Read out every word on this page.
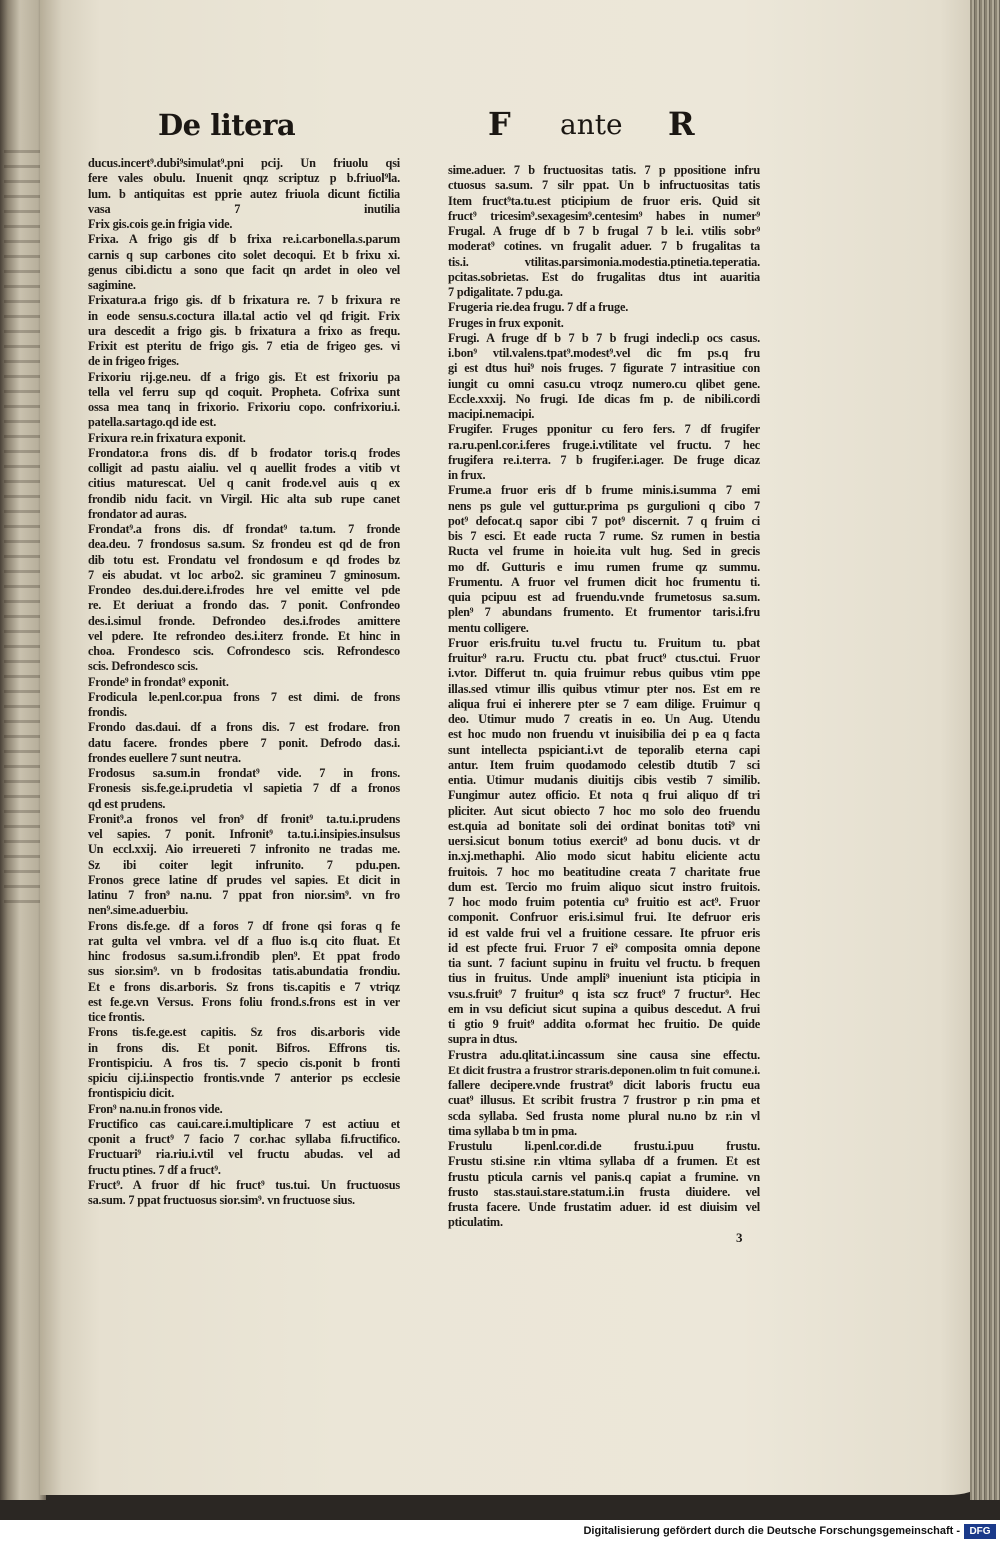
De litera	F ante R
ducus.incert⁹.dubi⁹simulat⁹.pni pcij. Un friuolu qsi
fere vales obulu. Inuenit qnqz scriptuz p b.friuol⁹la.
lum. b antiquitas est pprie autez friuola dicunt fictilia
vasa 7 inutilia
Frix gis.cois ge.in frigia vide.
Frixa. A frigo gis df b frixa re.i.carbonella.s.parum
carnis q sup carbones cito solet decoqui. Et b frixu xi.
genus cibi.dictu a sono que facit qn ardet in oleo vel
sagimine.
Frixatura.a frigo gis. df b frixatura re. 7 b frixura re
in eode sensu.s.coctura illa.tal actio vel qd frigit. Frix
ura descedit a frigo gis. b frixatura a frixo as frequ.
Frixit est pteritu de frigo gis. 7 etia de frigeo ges. vi
de in frigeo friges.
Frixoriu rij.ge.neu. df a frigo gis. Et est frixoriu pa
tella vel ferru sup qd coquit. Propheta. Cofrixa sunt
ossa mea tanq in frixorio. Frixoriu copo. confrixoriu.i.
patella.sartago.qd ide est.
Frixura re.in frixatura exponit.
Frondator.a frons dis. df b frodator toris.q frodes
colligit ad pastu aialiu. vel q auellit frodes a vitib vt
citius maturescat. Uel q canit frode.vel auis q ex
frondib nidu facit. vn Virgil. Hic alta sub rupe canet
frondator ad auras.
Frondat⁹.a frons dis. df frondat⁹ ta.tum. 7 fronde
dea.deu. 7 frondosus sa.sum. Sz frondeu est qd de fron
dib totu est. Frondatu vel frondosum e qd frodes bz
7 eis abudat. vt loc arbo2. sic gramineu 7 gminosum.
Frondeo des.dui.dere.i.frodes hre vel emitte vel pde
re. Et deriuat a frondo das. 7 ponit. Confrondeo
des.i.simul fronde. Defrondeo des.i.frodes amittere
vel pdere. Ite refrondeo des.i.iterz fronde. Et hinc in
choa. Frondesco scis. Cofrondesco scis. Refrondesco
scis. Defrondesco scis.
Fronde⁹ in frondat⁹ exponit.
Frodicula le.penl.cor.pua frons 7 est dimi. de frons
frondis.
Frondo das.daui. df a frons dis. 7 est frodare. fron
datu facere. frondes pbere 7 ponit. Defrodo das.i.
frondes euellere 7 sunt neutra.
Frodosus sa.sum.in frondat⁹ vide. 7 in frons.
Fronesis sis.fe.ge.i.prudetia vl sapietia 7 df a fronos
qd est prudens.
Fronit⁹.a fronos vel fron⁹ df fronit⁹ ta.tu.i.prudens
vel sapies. 7 ponit. Infronit⁹ ta.tu.i.insipies.insulsus
Un eccl.xxij. Aio irreuereti 7 infronito ne tradas me.
Sz ibi coiter legit infrunito. 7 pdu.pen.
Fronos grece latine df prudes vel sapies. Et dicit in
latinu 7 fron⁹ na.nu. 7 ppat fron nior.sim⁹. vn fro
nen⁹.sime.aduerbiu.
Frons dis.fe.ge. df a foros 7 df frone qsi foras q fe
rat gulta vel vmbra. vel df a fluo is.q cito fluat. Et
hinc frodosus sa.sum.i.frondib plen⁹. Et ppat frodo
sus sior.sim⁹. vn b frodositas tatis.abundatia frondiu.
Et e frons dis.arboris. Sz frons tis.capitis e 7 vtriqz
est fe.ge.vn Versus. Frons foliu frond.s.frons est in ver
tice frontis.
Frons tis.fe.ge.est capitis. Sz fros dis.arboris vide
in frons dis. Et ponit. Bifros. Effrons tis.
Frontispiciu. A fros tis. 7 specio cis.ponit b fronti
spiciu cij.i.inspectio frontis.vnde 7 anterior ps ecclesie
frontispiciu dicit.
Fron⁹ na.nu.in fronos vide.
Fructifico cas caui.care.i.multiplicare 7 est actiuu et
cponit a fruct⁹ 7 facio 7 cor.hac syllaba fi.fructifico.
Fructuari⁹ ria.riu.i.vtil vel fructu abudas. vel ad
fructu ptines. 7 df a fruct⁹.
Fruct⁹. A fruor df hic fruct⁹ tus.tui. Un fructuosus
sa.sum. 7 ppat fructuosus sior.sim⁹. vn fructuose sius.
sime.aduer. 7 b fructuositas tatis. 7 p ppositione infru
ctuosus sa.sum. 7 silr ppat. Un b infructuositas tatis
Item fruct⁹ta.tu.est pticipium de fruor eris. Quid sit
fruct⁹ tricesim⁹.sexagesim⁹.centesim⁹ habes in numer⁹
Frugal. A fruge df b 7 b frugal 7 b le.i. vtilis sobr⁹
moderat⁹ cotines. vn frugalit aduer. 7 b frugalitas ta
tis.i. vtilitas.parsimonia.modestia.ptinetia.teperatia.
pcitas.sobrietas. Est do frugalitas dtus int auaritia
7 pdigalitate. 7 pdu.ga.
Frugeria rie.dea frugu. 7 df a fruge.
Fruges in frux exponit.
Frugi. A fruge df b 7 b 7 b frugi indecli.p ocs casus.
i.bon⁹ vtil.valens.tpat⁹.modest⁹.vel dic fm ps.q fru
gi est dtus hui⁹ nois fruges. 7 figurate 7 intrasitiue con
iungit cu omni casu.cu vtroqz numero.cu qlibet gene.
Eccle.xxxij. No frugi. Ide dicas fm p. de nibili.cordi
macipi.nemacipi.
Frugifer. Fruges pponitur cu fero fers. 7 df frugifer
ra.ru.penl.cor.i.feres fruge.i.vtilitate vel fructu. 7 hec
frugifera re.i.terra. 7 b frugifer.i.ager. De fruge dicaz
in frux.
Frume.a fruor eris df b frume minis.i.summa 7 emi
nens ps gule vel guttur.prima ps gurgulioni q cibo 7
pot⁹ defocat.q sapor cibi 7 pot⁹ discernit. 7 q fruim ci
bis 7 esci. Et eade ructa 7 rume. Sz rumen in bestia
Ructa vel frume in hoie.ita vult hug. Sed in grecis
mo df. Gutturis e imu rumen frume qz summu.
Frumentu. A fruor vel frumen dicit hoc frumentu ti.
quia pcipuu est ad fruendu.vnde frumetosus sa.sum.
plen⁹ 7 abundans frumento. Et frumentor taris.i.fru
mentu colligere.
Fruor eris.fruitu tu.vel fructu tu. Fruitum tu. pbat
fruitur⁹ ra.ru. Fructu ctu. pbat fruct⁹ ctus.ctui. Fruor
i.vtor. Differut tn. quia fruimur rebus quibus vtim ppe
illas.sed vtimur illis quibus vtimur pter nos. Est em re
aliqua frui ei inherere pter se 7 eam dilige. Fruimur q
deo. Utimur mudo 7 creatis in eo. Un Aug. Utendu
est hoc mudo non fruendu vt inuisibilia dei p ea q facta
sunt intellecta pspiciant.i.vt de teporalib eterna capi
antur. Item fruim quodamodo celestib dtutib 7 sci
entia. Utimur mudanis diuitijs cibis vestib 7 similib.
Fungimur autez officio. Et nota q frui aliquo df tri
pliciter. Aut sicut obiecto 7 hoc mo solo deo fruendu
est.quia ad bonitate soli dei ordinat bonitas toti⁹ vni
uersi.sicut bonum totius exercit⁹ ad bonu ducis. vt dr
in.xj.methaphi. Alio modo sicut habitu eliciente actu
fruitois. 7 hoc mo beatitudine creata 7 charitate frue
dum est. Tercio mo fruim aliquo sicut instro fruitois.
7 hoc modo fruim potentia cu⁹ fruitio est act⁹. Fruor
componit. Confruor eris.i.simul frui. Ite defruor eris
id est valde frui vel a fruitione cessare. Ite pfruor eris
id est pfecte frui. Fruor 7 ei⁹ composita omnia depone
tia sunt. 7 faciunt supinu in fruitu vel fructu. b frequen
tius in fruitus. Unde ampli⁹ inueniunt ista pticipia in
vsu.s.fruit⁹ 7 fruitur⁹ q ista scz fruct⁹ 7 fructur⁹. Hec
em in vsu deficiut sicut supina a quibus descedut. A frui
ti gtio 9 fruit⁹ addita o.format hec fruitio. De quide
supra in dtus.
Frustra adu.qlitat.i.incassum sine causa sine effectu.
Et dicit frustra a frustror straris.deponen.olim tn fuit comune.i.
fallere decipere.vnde frustrat⁹ dicit laboris fructu eua
cuat⁹ illusus. Et scribit frustra 7 frustror p r.in pma et
scda syllaba. Sed frusta nome plural nu.no bz r.in vl
tima syllaba b tm in pma.
Frustulu li.penl.cor.di.de frustu.i.puu frustu.
Frustu sti.sine r.in vltima syllaba df a frumen. Et est
frustu pticula carnis vel panis.q capiat a frumine. vn
frusto stas.staui.stare.statum.i.in frusta diuidere. vel
frusta facere. Unde frustatim aduer. id est diuisim vel
pticulatim.
3
Digitalisierung gefördert durch die Deutsche Forschungsgemeinschaft - DFG
